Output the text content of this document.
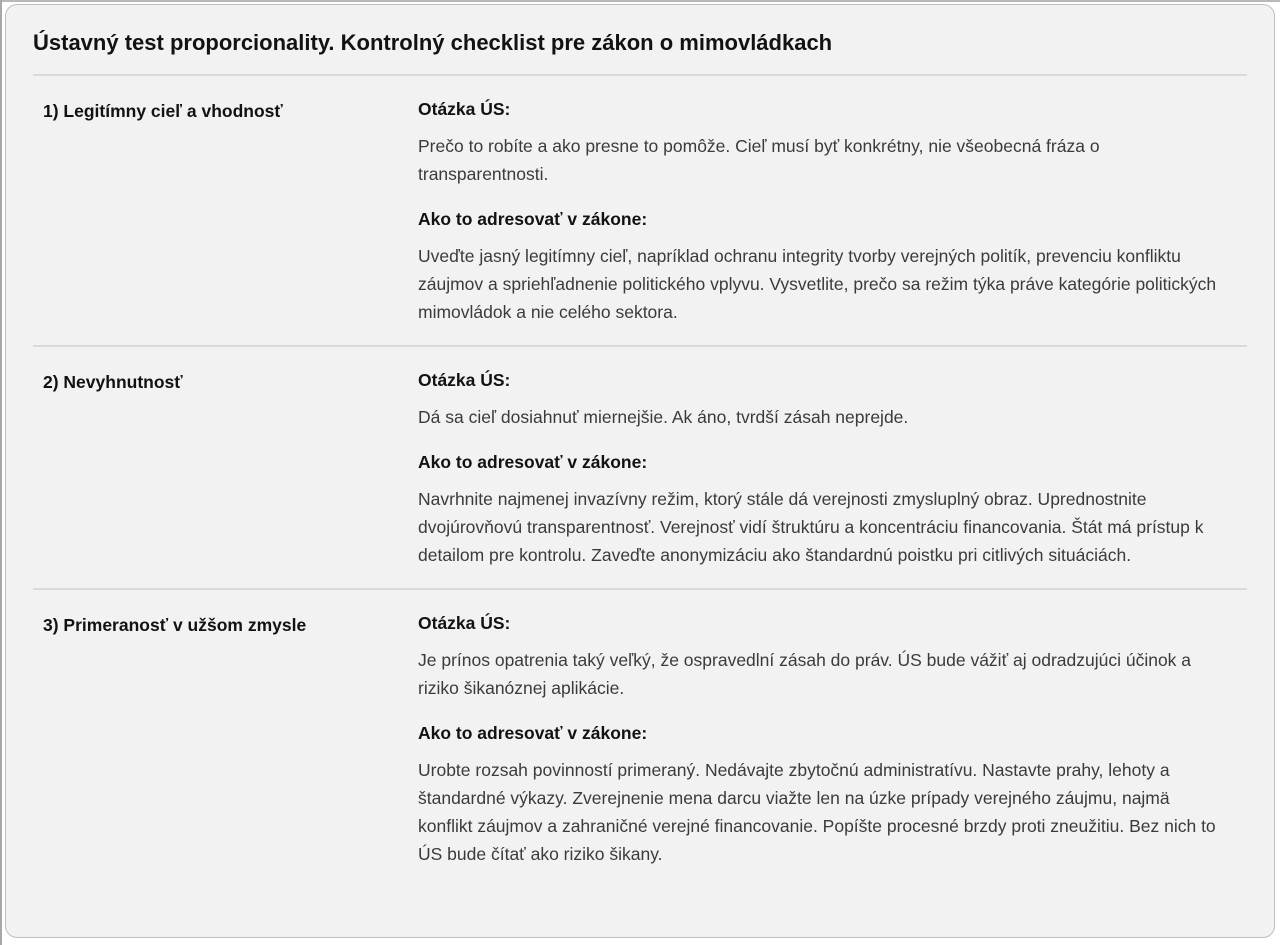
Ústavný test proporcionality. Kontrolný checklist pre zákon o mimovládkach
1) Legitímny cieľ a vhodnosť	Otázka ÚS:

Prečo to robíte a ako presne to pomôže. Cieľ musí byť konkrétny, nie všeobecná fráza o transparentnosti.

Ako to adresovať v zákone:

Uveďte jasný legitímny cieľ, napríklad ochranu integrity tvorby verejných politík, prevenciu konfliktu záujmov a spriehľadnenie politického vplyvu. Vysvetlite, prečo sa režim týka práve kategórie politických mimovládok a nie celého sektora.

2) Nevyhnutnosť	Otázka ÚS:

Dá sa cieľ dosiahnuť miernejšie. Ak áno, tvrdší zásah neprejde.

Ako to adresovať v zákone:

Navrhnite najmenej invazívny režim, ktorý stále dá verejnosti zmysluplný obraz. Uprednostnite dvojúrovňovú transparentnosť. Verejnosť vidí štruktúru a koncentráciu financovania. Štát má prístup k detailom pre kontrolu. Zaveďte anonymizáciu ako štandardnú poistku pri citlivých situáciách.

3) Primeranosť v užšom zmysle	Otázka ÚS:

Je prínos opatrenia taký veľký, že ospravedlní zásah do práv. ÚS bude vážiť aj odradzujúci účinok a riziko šikanóznej aplikácie.

Ako to adresovať v zákone:

Urobte rozsah povinností primeraný. Nedávajte zbytočnú administratívu. Nastavte prahy, lehoty a štandardné výkazy. Zverejnenie mena darcu viažte len na úzke prípady verejného záujmu, najmä konflikt záujmov a zahraničné verejné financovanie. Popíšte procesné brzdy proti zneužitiu. Bez nich to ÚS bude čítať ako riziko šikany.
